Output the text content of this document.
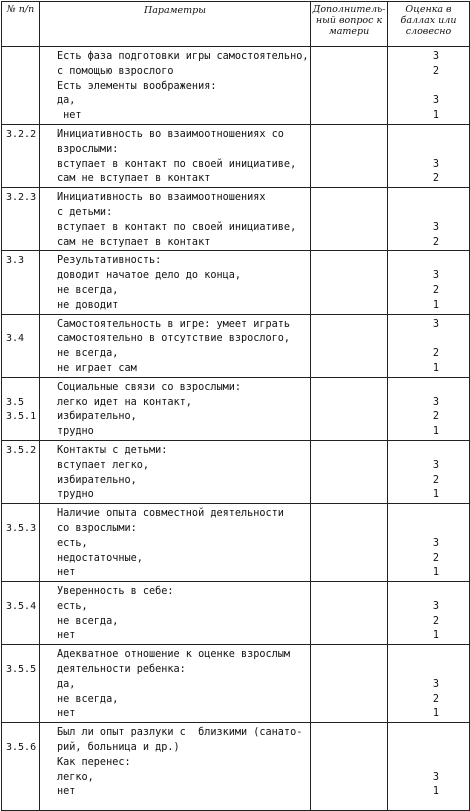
№ п/п	Параметры	Дополнитель-ный вопрос к матери	Оценка в баллах или словесно

	Есть фаза подготовки игры самостоятельно,
с помощью взрослого
Есть элементы воображения:
да,
нет		3
2
3
1

3.2.2	Инициативность во взаимоотношениях со
взрослыми:
вступает в контакт по своей инициативе,
сам не вступает в контакт		3
2

3.2.3	Инициативность во взаимоотношениях
с детьми:
вступает в контакт по своей инициативе,
сам не вступает в контакт		3
2

3.3	Результативность:
доводит начатое дело до конца,
не всегда,
не доводит		3
2
1

3.4	Самостоятельность в игре: умеет играть
самостоятельно в отсутствие взрослого,
не всегда,
не играет сам		3
2
1

3.5
3.5.1	Социальные связи со взрослыми:
легко идет на контакт,
избирательно,
трудно		3
2
1

3.5.2	Контакты с детьми:
вступает легко,
избирательно,
трудно		3
2
1

3.5.3	Наличие опыта совместной деятельности
со взрослыми:
есть,
недостаточные,
нет		3
2
1

3.5.4	Уверенность в себе:
есть,
не всегда,
нет		3
2
1

3.5.5	Адекватное отношение к оценке взрослым
деятельности ребенка:
да,
не всегда,
нет		3
2
1

3.5.6	Был ли опыт разлуки с  близкими (санато-
рий, больница и др.)
Как перенес:
легко,
нет		3
1
